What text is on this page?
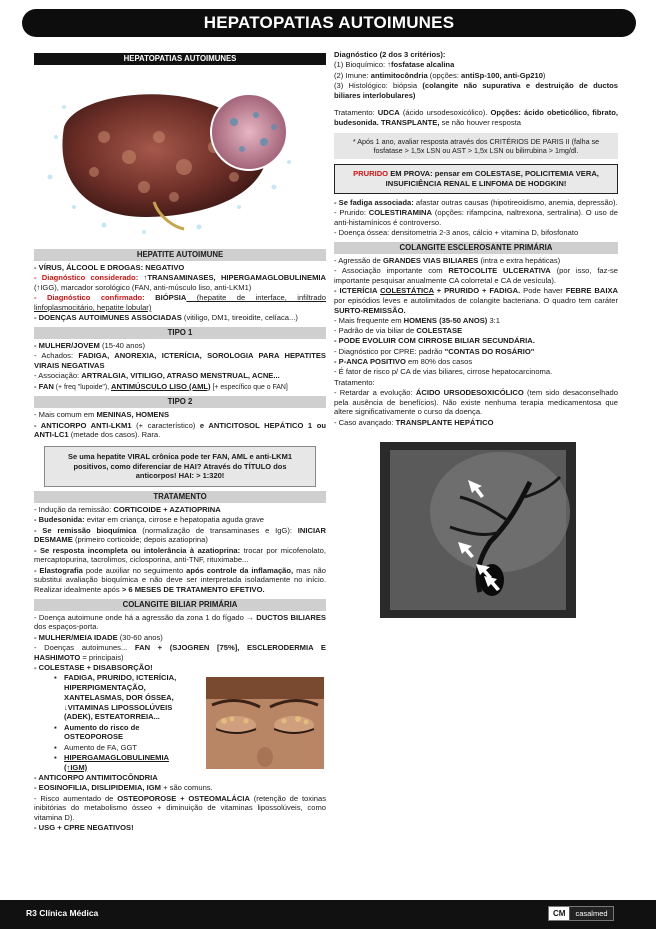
HEPATOPATIAS AUTOIMUNES
HEPATOPATIAS AUTOIMUNES
HEPATITE AUTOIMUNE

- VÍRUS, ÁLCOOL E DROGAS: NEGATIVO

- Diagnóstico considerado: ↑TRANSAMINASES, HIPERGAMAGLOBULINEMIA (↑IGG), marcador sorológico (FAN, anti-músculo liso, anti-LKM1)

- Diagnóstico confirmado: BIÓPSIA (hepatite de interface, infiltrado linfoplasmocitário, hepatite lobular)

- DOENÇAS AUTOIMUNES ASSOCIADAS (vitiligo, DM1, tireoidite, celíaca...)

TIPO 1

- MULHER/JOVEM (15-40 anos)

- Achados: FADIGA, ANOREXIA, ICTERÍCIA, SOROLOGIA PARA HEPATITES VIRAIS NEGATIVAS

- Associação: ARTRALGIA, VITILIGO, ATRASO MENSTRUAL, ACNE...

- FAN (+ freq "lupoide"), ANTIMÚSCULO LISO (AML) [+ específico que o FAN]

TIPO 2

- Mais comum em MENINAS, HOMENS

- ANTICORPO ANTI-LKM1 (+ característico) e ANTICITOSOL HEPÁTICO 1 ou ANTI-LC1 (metade dos casos). Rara.

Se uma hepatite VIRAL crônica pode ter FAN, AML e anti-LKM1 positivos, como diferenciar de HAI? Através do TÍTULO dos anticorpos! HAI: > 1:320!
TRATAMENTO

- Indução da remissão: CORTICOIDE + AZATIOPRINA

- Budesonida: evitar em criança, cirrose e hepatopatia aguda grave

- Se remissão bioquímica (normalização de transaminases e IgG): INICIAR DESMAME (primeiro corticoide; depois azatioprina)

- Se resposta incompleta ou intolerância à azatioprina: trocar por micofenolato, mercaptopurina, tacrolimos, ciclosporina, anti-TNF, rituximabe...

- Elastografia pode auxiliar no seguimento após controle da inflamação, mas não substitui avaliação bioquímica e não deve ser interpretada isoladamente no início. Realizar idealmente após > 6 MESES DE TRATAMENTO EFETIVO.

COLANGITE BILIAR PRIMÁRIA

- Doença autoimune onde há a agressão da zona 1 do fígado → DUCTOS BILIARES dos espaços-porta.

- MULHER/MEIA IDADE (30-60 anos)

- Doenças autoimunes... FAN + (SJOGREN [75%], ESCLERODERMIA E HASHIMOTO = principais)

- COLESTASE + DISABSORÇÃO!

▪ FADIGA, PRURIDO, ICTERÍCIA, HIPERPIGMENTAÇÃO, XANTELASMAS, DOR ÓSSEA, ↓VITAMINAS LIPOSSOLÚVEIS (ADEK), ESTEATORREIA...
▪ Aumento do risco de OSTEOPOROSE
▪ Aumento de FA, GGT
▪ HIPERGAMAGLOBULINEMIA (↑IGM)

- ANTICORPO ANTIMITOCÔNDRIA

- EOSINOFILIA, DISLIPIDEMIA, IGM + são comuns.

- Risco aumentado de OSTEOPOROSE + OSTEOMALÁCIA (retenção de toxinas inibitórias do metabolismo ósseo + diminuição de vitaminas lipossolúveis, como vitamina D).

- USG + CPRE NEGATIVOS!

Diagnóstico (2 dos 3 critérios):

(1) Bioquímico: ↑fosfatase alcalina

(2) Imune: antimitocôndria (opções: antiSp-100, anti-Gp210)

(3) Histológico: biópsia (colangite não supurativa e destruição de ductos biliares interlobulares)

Tratamento: UDCA (ácido ursodesoxicólico). Opções: ácido obeticólico, fibrato, budesonida. TRANSPLANTE, se não houver resposta

* Após 1 ano, avaliar resposta através dos CRITÉRIOS DE PARIS II (falha se fosfatase > 1,5x LSN ou AST > 1,5x LSN ou bilirrubina > 1mg/dl.
PRURIDO EM PROVA: pensar em COLESTASE, POLICITEMIA VERA, INSUFICIÊNCIA RENAL E LINFOMA DE HODGKIN!

- Se fadiga associada: afastar outras causas (hipotireoidismo, anemia, depressão).

- Prurido: COLESTIRAMINA (opções: rifampcina, naltrexona, sertralina). O uso de anti-histamínicos é controverso.

- Doença óssea: densitometria 2-3 anos, cálcio + vitamina D, bifosfonato

COLANGITE ESCLEROSANTE PRIMÁRIA

- Agressão de GRANDES VIAS BILIARES (intra e extra hepáticas)

- Associação importante com RETOCOLITE ULCERATIVA (por isso, faz-se importante pesquisar anualmente CA colorretal e CA de vesícula).

- ICTERÍCIA COLESTÁTICA + PRURIDO + FADIGA. Pode haver FEBRE BAIXA por episódios leves e autolimitados de colangite bacteriana. O quadro tem caráter SURTO-REMISSÃO.

- Mais frequente em HOMENS (35-50 ANOS) 3:1

- Padrão de via biliar de COLESTASE

- PODE EVOLUIR COM CIRROSE BILIAR SECUNDÁRIA.

- Diagnóstico por CPRE: padrão "CONTAS DO ROSÁRIO"

- P-ANCA POSITIVO em 80% dos casos

- É fator de risco p/ CA de vias biliares, cirrose hepatocarcinoma.

Tratamento:

- Retardar a evolução: ÁCIDO URSODESOXICÓLICO (tem sido desaconselhado pela ausência de benefícios). Não existe nenhuma terapia medicamentosa que altere significativamente o curso da doença.

- Caso avançado: TRANSPLANTE HEPÁTICO

R3 Clínica Médica	CM	casalmed
